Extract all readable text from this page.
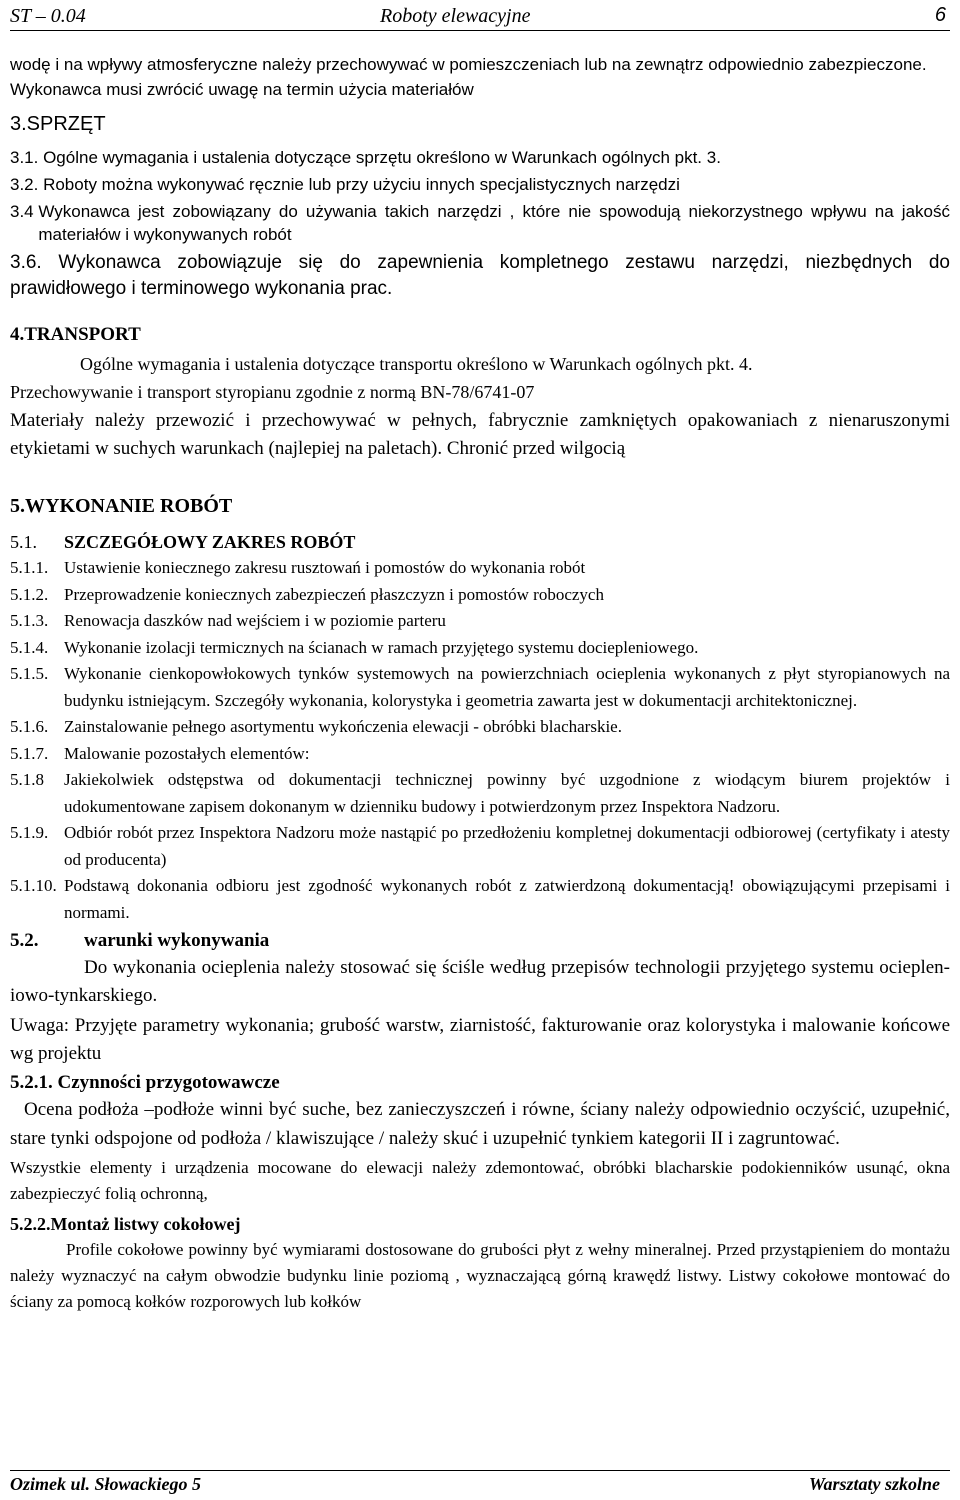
ST – 0.04	Roboty elewacyjne	6

wodę i na wpływy atmosferyczne należy przechowywać w pomieszczeniach lub na zewnątrz odpowiednio zabezpieczone.

Wykonawca musi zwrócić uwagę na termin użycia materiałów

3.SPRZĘT

3.1. Ogólne wymagania i ustalenia dotyczące sprzętu określono w Warunkach ogólnych pkt. 3.

3.2. Roboty można wykonywać ręcznie lub przy użyciu innych specjalistycznych narzędzi

3.4 Wykonawca jest zobowiązany do używania takich narzędzi , które nie spowodują niekorzystnego wpływu na jakość materiałów i wykonywanych robót

3.6. Wykonawca zobowiązuje się do zapewnienia kompletnego zestawu narzędzi, niezbędnych do prawidłowego i terminowego wykonania prac.

4.TRANSPORT

Ogólne wymagania i ustalenia dotyczące transportu określono w Warunkach ogólnych pkt. 4.

Przechowywanie i transport styropianu zgodnie z normą BN-78/6741-07

Materiały należy przewozić i przechowywać w pełnych, fabrycznie zamkniętych opakowaniach z nienaruszonymi etykietami w suchych warunkach (najlepiej na paletach). Chronić przed wilgocią

5.WYKONANIE ROBÓT

5.1.	SZCZEGÓŁOWY ZAKRES ROBÓT
5.1.1. Ustawienie koniecznego zakresu rusztowań i pomostów do wykonania robót
5.1.2. Przeprowadzenie koniecznych zabezpieczeń płaszczyzn i pomostów roboczych
5.1.3. Renowacja daszków nad wejściem i w poziomie parteru
5.1.4. Wykonanie izolacji termicznych na ścianach w ramach przyjętego systemu dociepleniowego.
5.1.5. Wykonanie cienkopowłokowych tynków systemowych na powierzchniach ocieplenia wykonanych z płyt styropianowych na budynku istniejącym. Szczegóły wykonania, kolorystyka i geometria zawarta jest w dokumentacji architektonicznej.
5.1.6. Zainstalowanie pełnego asortymentu wykończenia elewacji - obróbki blacharskie.
5.1.7. Malowanie pozostałych elementów:
5.1.8	Jakiekolwiek odstępstwa od dokumentacji technicznej powinny być uzgodnione z wiodącym biurem projektów i udokumentowane zapisem dokonanym w dzienniku budowy i potwierdzonym przez Inspektora Nadzoru.
5.1.9. Odbiór robót przez Inspektora Nadzoru może nastąpić po przedłożeniu kompletnej dokumentacji odbiorowej (certyfikaty i atesty od producenta)
5.1.10. Podstawą dokonania odbioru jest zgodność wykonanych robót z zatwierdzoną dokumentacją! obowiązującymi przepisami i normami.
5.2.	warunki wykonywania

Do wykonania ocieplenia należy stosować się ściśle według przepisów technologii przyjętego systemu ociepleniowo-tynkarskiego.

Uwaga: Przyjęte parametry wykonania; grubość warstw, ziarnistość, fakturowanie oraz kolorystyka i malowanie końcowe wg projektu

5.2.1. Czynności przygotowawcze

Ocena podłoża –podłoże winni być suche, bez zanieczyszczeń i równe, ściany należy odpowiednio oczyścić, uzupełnić, stare tynki odspojone od podłoża / klawiszujące / należy skuć i uzupełnić tynkiem kategorii II i zagruntować.

Wszystkie elementy i urządzenia mocowane do elewacji należy zdemontować, obróbki blacharskie podokienników usunąć, okna zabezpieczyć folią ochronną,

5.2.2.Montaż listwy cokołowej

Profile cokołowe powinny być wymiarami dostosowane do grubości płyt z wełny mineralnej. Przed przystąpieniem do montażu należy wyznaczyć na całym obwodzie budynku linie poziomą , wyznaczającą górną krawędź listwy. Listwy cokołowe montować do ściany za pomocą kołków rozporowych lub kołków

Ozimek ul. Słowackiego 5	Warsztaty szkolne
